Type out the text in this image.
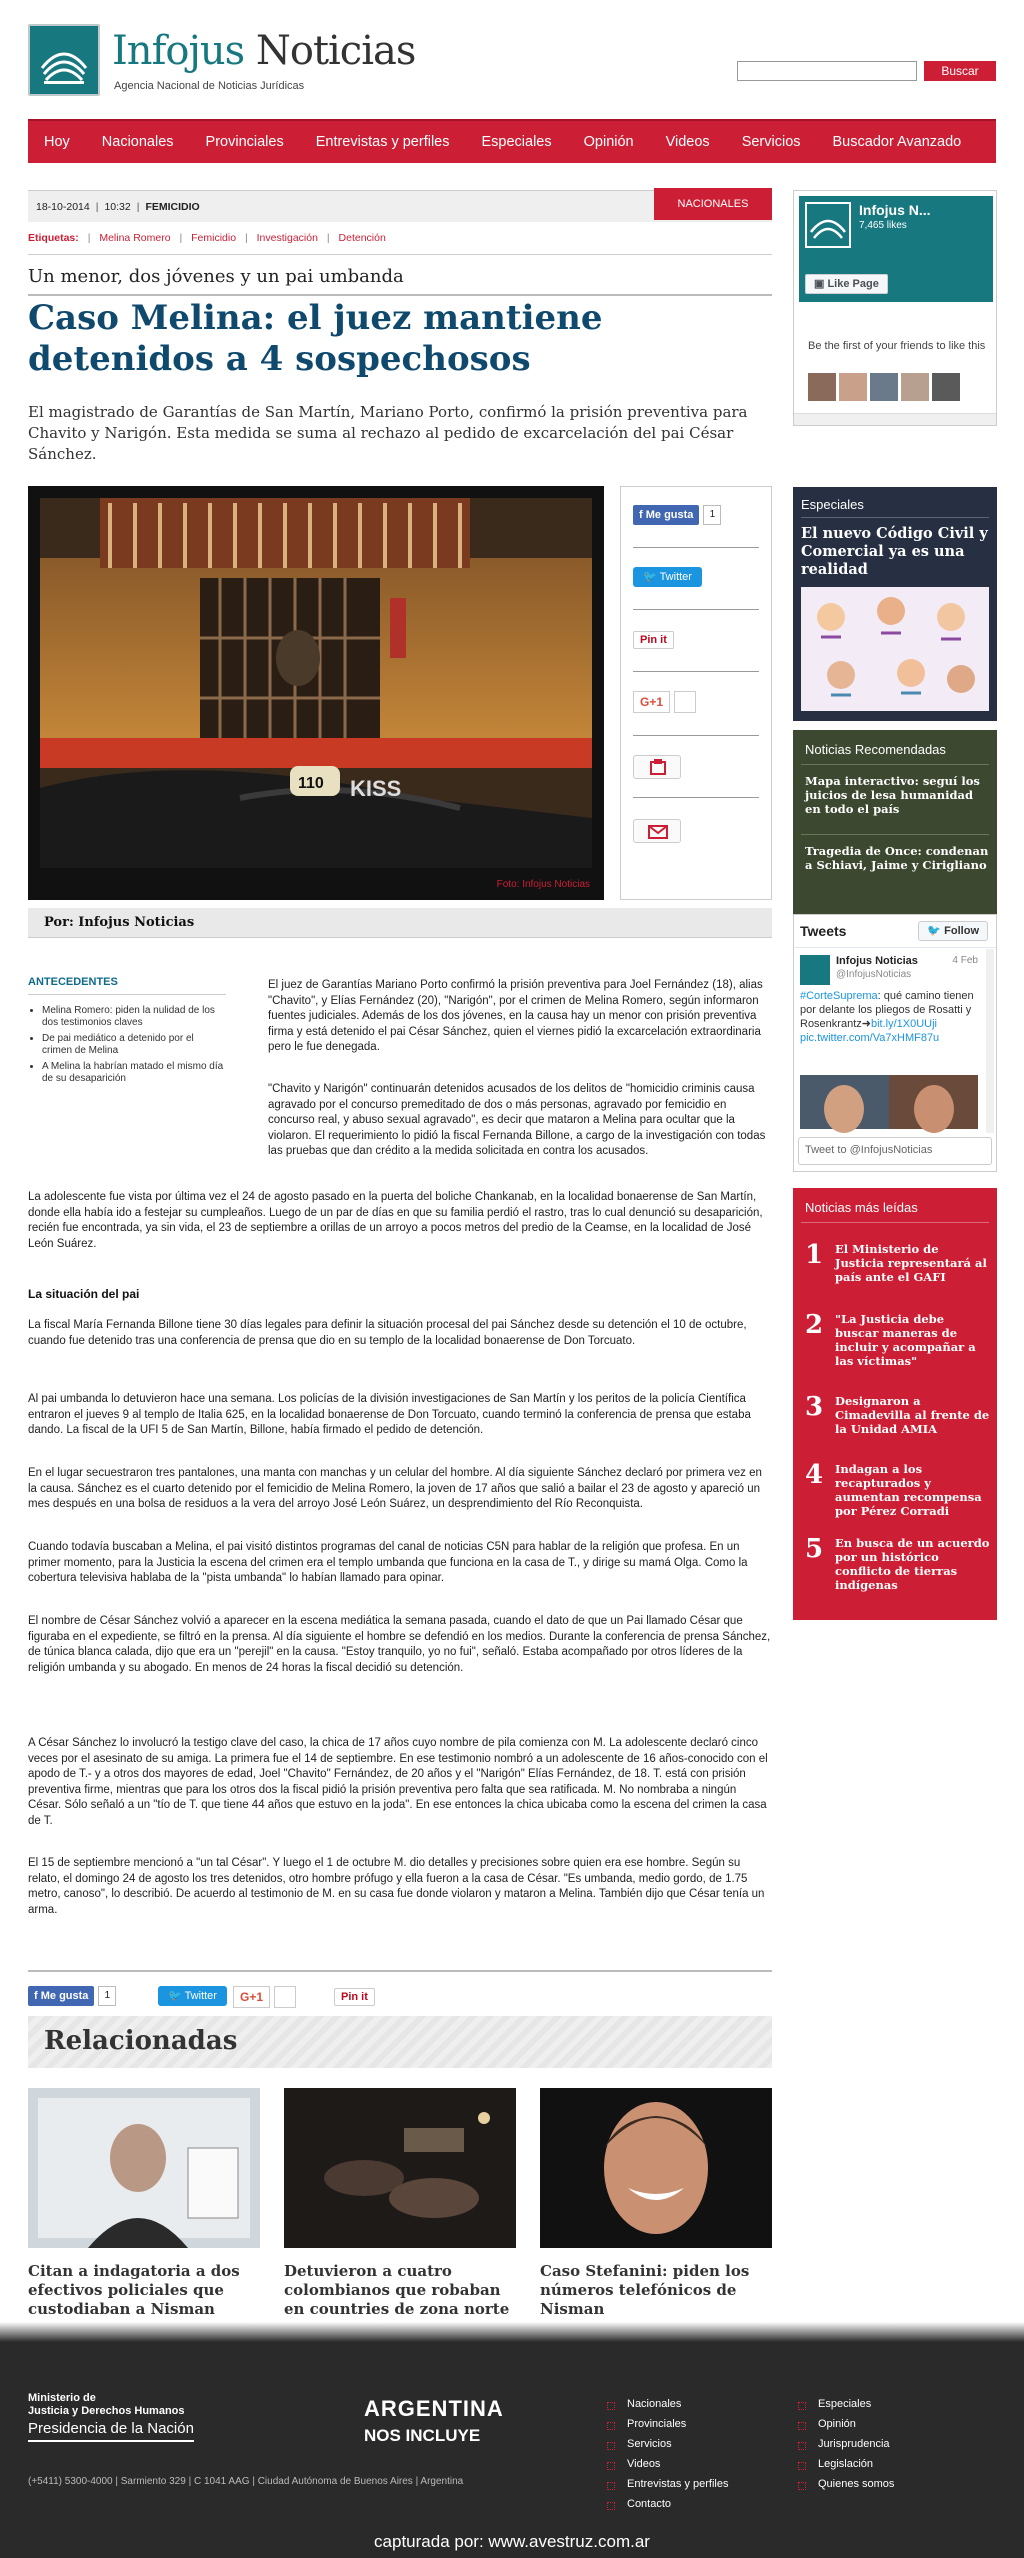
Infojus Noticias
Agencia Nacional de Noticias Jurídicas
Buscar
Hoy	Nacionales	Provinciales	Entrevistas y perfiles	Especiales	Opinión	Videos	Servicios	Buscador Avanzado
18-10-2014 | 10:32 | FEMICIDIO	NACIONALES
Etiquetas: | Melina Romero | Femicidio | Investigación | Detención
Un menor, dos jóvenes y un pai umbanda
Caso Melina: el juez mantiene detenidos a 4 sospechosos

El magistrado de Garantías de San Martín, Mariano Porto, confirmó la prisión preventiva para Chavito y Narigón. Esta medida se suma al rechazo al pedido de excarcelación del pai César Sánchez.

110 KISS
Foto: Infojus Noticias
f Me gusta 1
🐦 Twitter
Pin it
G+1
Por: Infojus Noticias
ANTECEDENTES
• Melina Romero: piden la nulidad de los dos testimonios claves
• De pai mediático a detenido por el crimen de Melina
• A Melina la habrían matado el mismo día de su desaparición

El juez de Garantías Mariano Porto confirmó la prisión preventiva para Joel Fernández (18), alias "Chavito", y Elías Fernández (20), "Narigón", por el crimen de Melina Romero, según informaron fuentes judiciales. Además de los dos jóvenes, en la causa hay un menor con prisión preventiva firma y está detenido el pai César Sánchez, quien el viernes pidió la excarcelación extraordinaria pero le fue denegada.

"Chavito y Narigón" continuarán detenidos acusados de los delitos de "homicidio criminis causa agravado por el concurso premeditado de dos o más personas, agravado por femicidio en concurso real, y abuso sexual agravado", es decir que mataron a Melina para ocultar que la violaron. El requerimiento lo pidió la fiscal Fernanda Billone, a cargo de la investigación con todas las pruebas que dan crédito a la medida solicitada en contra los acusados.

La adolescente fue vista por última vez el 24 de agosto pasado en la puerta del boliche Chankanab, en la localidad bonaerense de San Martín, donde ella había ido a festejar su cumpleaños. Luego de un par de días en que su familia perdió el rastro, tras lo cual denunció su desaparición, recién fue encontrada, ya sin vida, el 23 de septiembre a orillas de un arroyo a pocos metros del predio de la Ceamse, en la localidad de José León Suárez.

La situación del pai

La fiscal María Fernanda Billone tiene 30 días legales para definir la situación procesal del pai Sánchez desde su detención el 10 de octubre, cuando fue detenido tras una conferencia de prensa que dio en su templo de la localidad bonaerense de Don Torcuato.

Al pai umbanda lo detuvieron hace una semana. Los policías de la división investigaciones de San Martín y los peritos de la policía Científica entraron el jueves 9 al templo de Italia 625, en la localidad bonaerense de Don Torcuato, cuando terminó la conferencia de prensa que estaba dando. La fiscal de la UFI 5 de San Martín, Billone, había firmado el pedido de detención.

En el lugar secuestraron tres pantalones, una manta con manchas y un celular del hombre. Al día siguiente Sánchez declaró por primera vez en la causa. Sánchez es el cuarto detenido por el femicidio de Melina Romero, la joven de 17 años que salió a bailar el 23 de agosto y apareció un mes después en una bolsa de residuos a la vera del arroyo José León Suárez, un desprendimiento del Río Reconquista.

Cuando todavía buscaban a Melina, el pai visitó distintos programas del canal de noticias C5N para hablar de la religión que profesa. En un primer momento, para la Justicia la escena del crimen era el templo umbanda que funciona en la casa de T., y dirige su mamá Olga. Como la cobertura televisiva hablaba de la "pista umbanda" lo habían llamado para opinar.

El nombre de César Sánchez volvió a aparecer en la escena mediática la semana pasada, cuando el dato de que un Pai llamado César que figuraba en el expediente, se filtró en la prensa. Al día siguiente el hombre se defendió en los medios. Durante la conferencia de prensa Sánchez, de túnica blanca calada, dijo que era un "perejil" en la causa. "Estoy tranquilo, yo no fui", señaló. Estaba acompañado por otros líderes de la religión umbanda y su abogado. En menos de 24 horas la fiscal decidió su detención.

A César Sánchez lo involucró la testigo clave del caso, la chica de 17 años cuyo nombre de pila comienza con M. La adolescente declaró cinco veces por el asesinato de su amiga. La primera fue el 14 de septiembre. En ese testimonio nombró a un adolescente de 16 años-conocido con el apodo de T.- y a otros dos mayores de edad, Joel "Chavito" Fernández, de 20 años y el "Narigón" Elías Fernández, de 18. T. está con prisión preventiva firme, mientras que para los otros dos la fiscal pidió la prisión preventiva pero falta que sea ratificada. M. No nombraba a ningún César. Sólo señaló a un "tío de T. que tiene 44 años que estuvo en la joda". En ese entonces la chica ubicaba como la escena del crimen la casa de T.

El 15 de septiembre mencionó a "un tal César". Y luego el 1 de octubre M. dio detalles y precisiones sobre quien era ese hombre. Según su relato, el domingo 24 de agosto los tres detenidos, otro hombre prófugo y ella fueron a la casa de César. "Es umbanda, medio gordo, de 1.75 metro, canoso", lo describió. De acuerdo al testimonio de M. en su casa fue donde violaron y mataron a Melina. También dijo que César tenía un arma.

f Me gusta 1	🐦 Twitter	G+1	Pin it
Relacionadas
Citan a indagatoria a dos efectivos policiales que custodiaban a Nisman
Detuvieron a cuatro colombianos que robaban en countries de zona norte
Caso Stefanini: piden los números telefónicos de Nisman
Infojus N...
7,465 likes
▣ Like Page
Be the first of your friends to like this
Especiales
El nuevo Código Civil y Comercial ya es una realidad
Noticias Recomendadas
Mapa interactivo: seguí los juicios de lesa humanidad en todo el país
Tragedia de Once: condenan a Schiavi, Jaime y Cirigliano
Tweets	🐦 Follow
Infojus Noticias	4 Feb
@InfojusNoticias
#CorteSuprema: qué camino tienen por delante los pliegos de Rosatti y Rosenkrantz➜bit.ly/1X0UUji pic.twitter.com/Va7xHMF87u
Tweet to @InfojusNoticias
Noticias más leídas
1 El Ministerio de Justicia representará al país ante el GAFI
2 "La Justicia debe buscar maneras de incluir y acompañar a las víctimas"
3 Designaron a Cimadevilla al frente de la Unidad AMIA
4 Indagan a los recapturados y aumentan recompensa por Pérez Corradi
5 En busca de un acuerdo por un histórico conflicto de tierras indígenas
Ministerio de
Justicia y Derechos Humanos
Presidencia de la Nación
(+5411) 5300-4000 | Sarmiento 329 | C 1041 AAG | Ciudad Autónoma de Buenos Aires | Argentina
ARGENTINA
NOS INCLUYE
Nacionales
Provinciales
Servicios
Videos
Entrevistas y perfiles
Contacto
Especiales
Opinión
Jurisprudencia
Legislación
Quienes somos
capturada por: www.avestruz.com.ar
